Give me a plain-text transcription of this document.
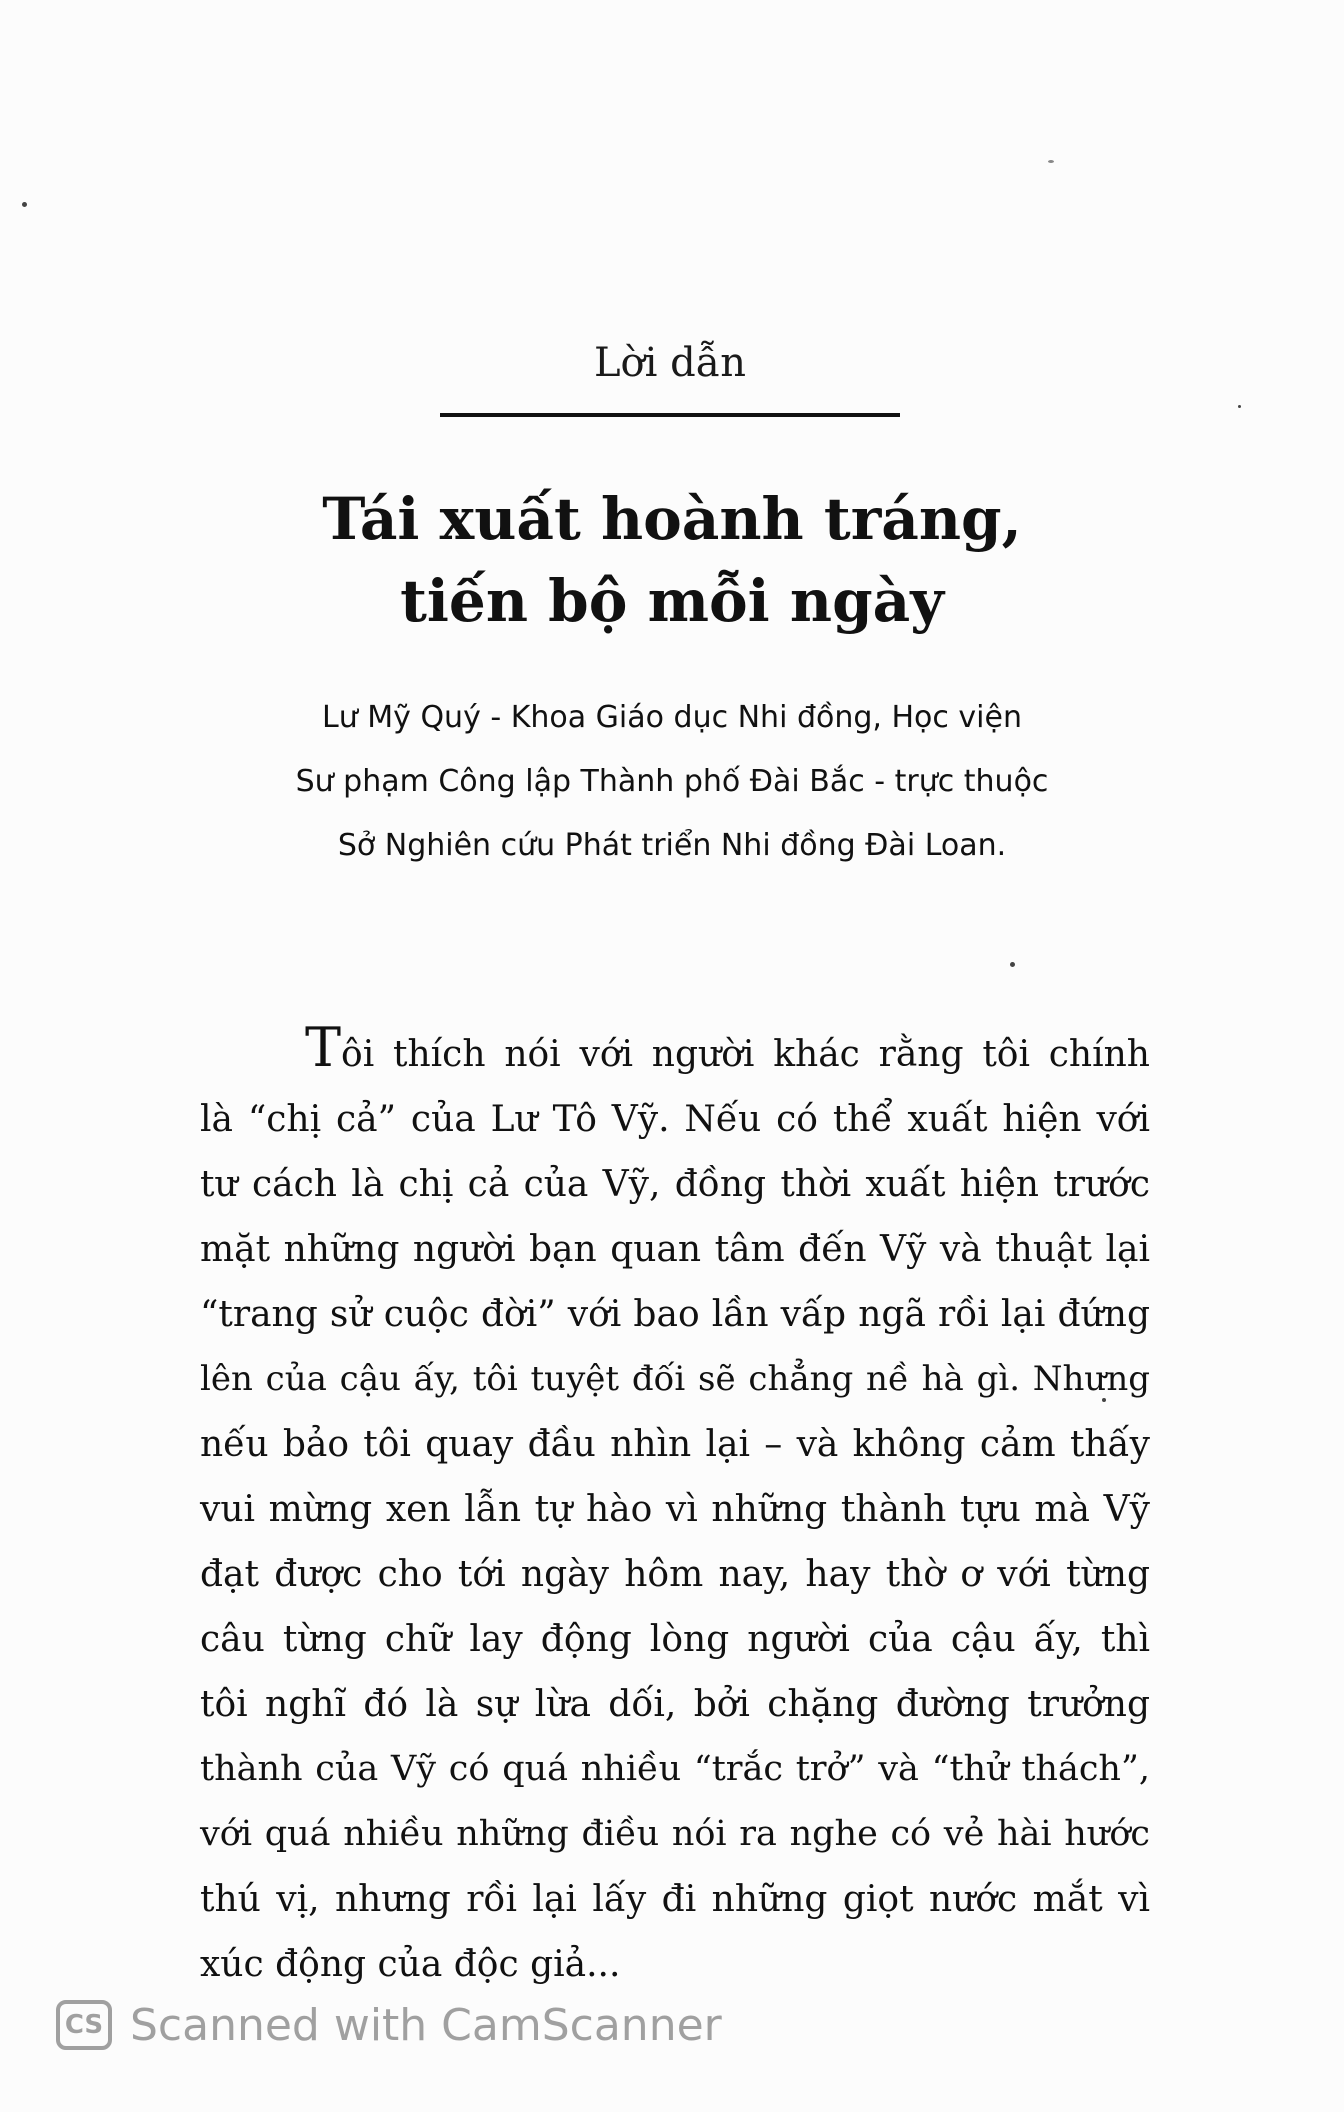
Lời dẫn
Tái xuất hoành tráng,
tiến bộ mỗi ngày
Lư Mỹ Quý - Khoa Giáo dục Nhi đồng, Học viện
Sư phạm Công lập Thành phố Đài Bắc - trực thuộc
Sở Nghiên cứu Phát triển Nhi đồng Đài Loan.
Tôi thích nói với người khác rằng tôi chính
là “chị cả” của Lư Tô Vỹ. Nếu có thể xuất hiện với
tư cách là chị cả của Vỹ, đồng thời xuất hiện trước
mặt những người bạn quan tâm đến Vỹ và thuật lại
“trang sử cuộc đời” với bao lần vấp ngã rồi lại đứng
lên của cậu ấy, tôi tuyệt đối sẽ chẳng nề hà gì. Nhưng
nếu bảo tôi quay đầu nhìn lại – và không cảm thấy
vui mừng xen lẫn tự hào vì những thành tựu mà Vỹ
đạt được cho tới ngày hôm nay, hay thờ ơ với từng
câu từng chữ lay động lòng người của cậu ấy, thì
tôi nghĩ đó là sự lừa dối, bởi chặng đường trưởng
thành của Vỹ có quá nhiều “trắc trở” và “thử thách”,
với quá nhiều những điều nói ra nghe có vẻ hài hước
thú vị, nhưng rồi lại lấy đi những giọt nước mắt vì
xúc động của độc giả...
CS Scanned with CamScanner
